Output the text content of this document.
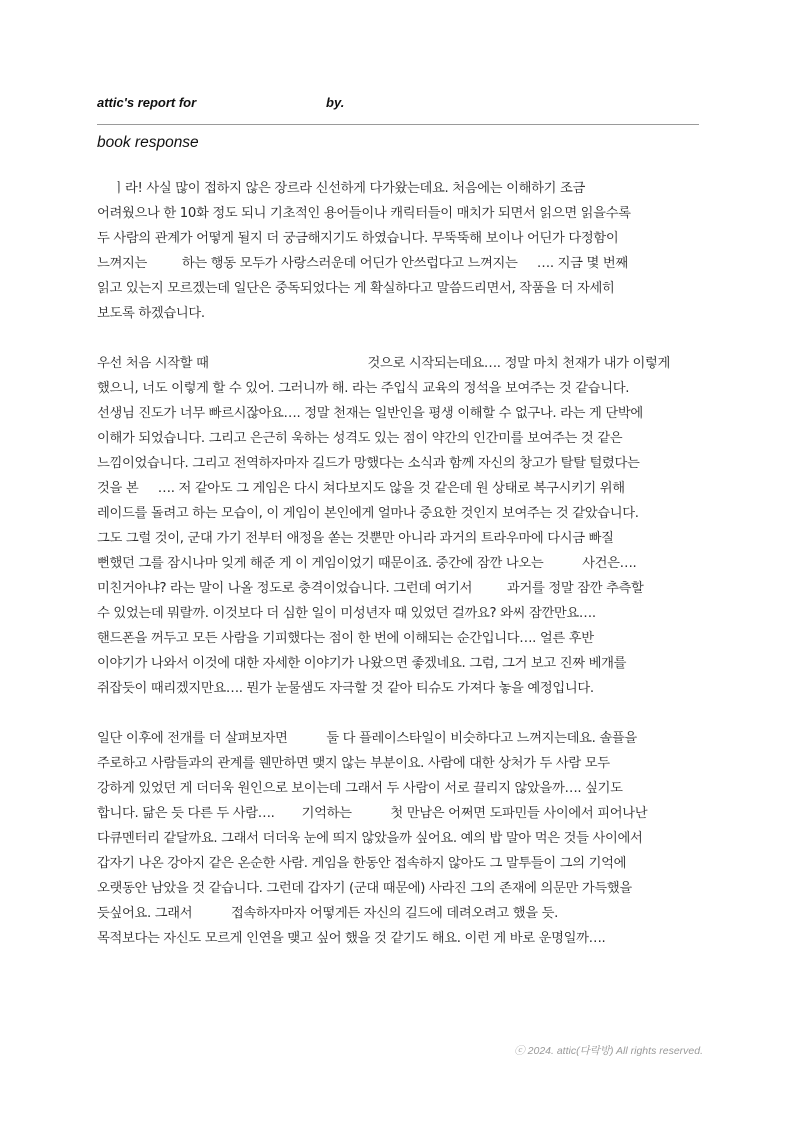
attic's report for	by.
book response

ㅣ라! 사실 많이 접하지 않은 장르라 신선하게 다가왔는데요. 처음에는 이해하기 조금
어려웠으나 한 10화 정도 되니 기초적인 용어들이나 캐릭터들이 매치가 되면서 읽으면 읽을수록
두 사람의 관계가 어떻게 될지 더 궁금해지기도 하였습니다. 무뚝뚝해 보이나 어딘가 다정함이
느껴지는         하는 행동 모두가 사랑스러운데 어딘가 안쓰럽다고 느껴지는     …. 지금 몇 번째
읽고 있는지 모르겠는데 일단은 중독되었다는 게 확실하다고 말씀드리면서, 작품을 더 자세히
보도록 하겠습니다.

우선 처음 시작할 때                                         것으로 시작되는데요…. 정말 마치 천재가 내가 이렇게
했으니, 너도 이렇게 할 수 있어. 그러니까 해. 라는 주입식 교육의 정석을 보여주는 것 같습니다.
선생님 진도가 너무 빠르시잖아요…. 정말 천재는 일반인을 평생 이해할 수 없구나. 라는 게 단박에
이해가 되었습니다. 그리고 은근히 욱하는 성격도 있는 점이 약간의 인간미를 보여주는 것 같은
느낌이었습니다. 그리고 전역하자마자 길드가 망했다는 소식과 함께 자신의 창고가 탈탈 털렸다는
것을 본     …. 저 같아도 그 게임은 다시 쳐다보지도 않을 것 같은데 원 상태로 복구시키기 위해
레이드를 돌려고 하는 모습이, 이 게임이 본인에게 얼마나 중요한 것인지 보여주는 것 같았습니다.
그도 그럴 것이, 군대 가기 전부터 애정을 쏟는 것뿐만 아니라 과거의 트라우마에 다시금 빠질
뻔했던 그를 잠시나마 잊게 해준 게 이 게임이었기 때문이죠. 중간에 잠깐 나오는          사건은….
미친거아냐? 라는 말이 나올 정도로 충격이었습니다. 그런데 여기서         과거를 정말 잠깐 추측할
수 있었는데 뭐랄까. 이것보다 더 심한 일이 미성년자 때 있었던 걸까요? 와씨 잠깐만요….
핸드폰을 꺼두고 모든 사람을 기피했다는 점이 한 번에 이해되는 순간입니다…. 얼른 후반
이야기가 나와서 이것에 대한 자세한 이야기가 나왔으면 좋겠네요. 그럼, 그거 보고 진짜 베개를
쥐잡듯이 때리겠지만요…. 뭔가 눈물샘도 자극할 것 같아 티슈도 가져다 놓을 예정입니다.

일단 이후에 전개를 더 살펴보자면          둘 다 플레이스타일이 비슷하다고 느껴지는데요. 솔플을
주로하고 사람들과의 관계를 웬만하면 맺지 않는 부분이요. 사람에 대한 상처가 두 사람 모두
강하게 있었던 게 더더욱 원인으로 보이는데 그래서 두 사람이 서로 끌리지 않았을까…. 싶기도
합니다. 닮은 듯 다른 두 사람….       기억하는          첫 만남은 어쩌면 도파민들 사이에서 피어나난
다큐멘터리 같달까요. 그래서 더더욱 눈에 띄지 않았을까 싶어요. 예의 밥 말아 먹은 것들 사이에서
갑자기 나온 강아지 같은 온순한 사람. 게임을 한동안 접속하지 않아도 그 말투들이 그의 기억에
오랫동안 남았을 것 같습니다. 그런데 갑자기 (군대 때문에) 사라진 그의 존재에 의문만 가득했을
듯싶어요. 그래서          접속하자마자 어떻게든 자신의 길드에 데려오려고 했을 듯.
목적보다는 자신도 모르게 인연을 맺고 싶어 했을 것 같기도 해요. 이런 게 바로 운명일까….

ⓒ 2024. attic(다락방) All rights reserved.
